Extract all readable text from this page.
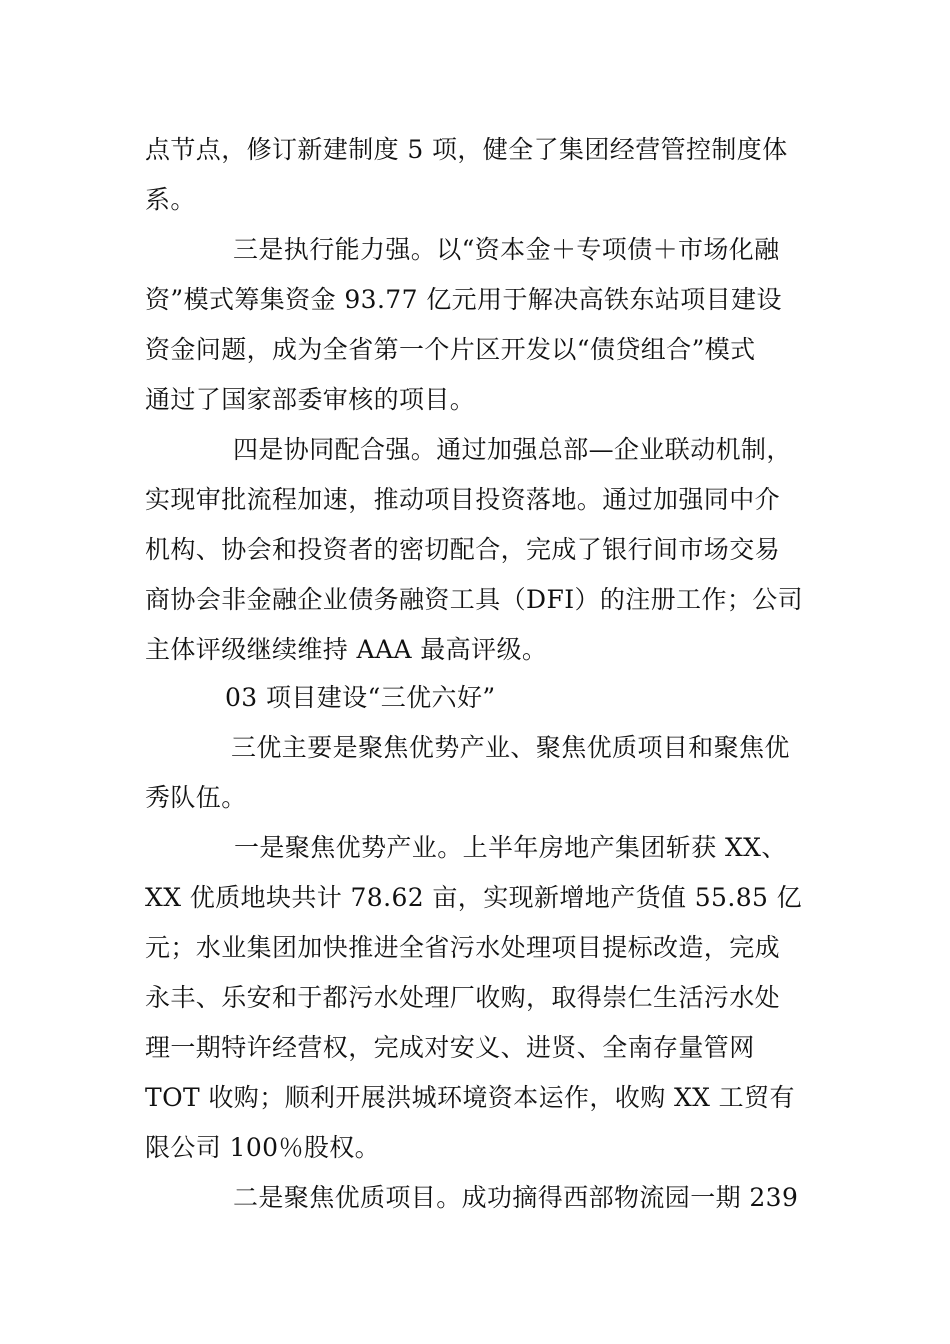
点节点，修订新建制度 5 项，健全了集团经营管控制度体
系。
三是执行能力强。以“资本金＋专项债＋市场化融
资”模式筹集资金 93.77 亿元用于解决高铁东站项目建设
资金问题，成为全省第一个片区开发以“债贷组合”模式
通过了国家部委审核的项目。
四是协同配合强。通过加强总部—企业联动机制，
实现审批流程加速，推动项目投资落地。通过加强同中介
机构、协会和投资者的密切配合，完成了银行间市场交易
商协会非金融企业债务融资工具（DFI）的注册工作；公司
主体评级继续维持 AAA 最高评级。
03 项目建设“三优六好”
三优主要是聚焦优势产业、聚焦优质项目和聚焦优
秀队伍。
一是聚焦优势产业。上半年房地产集团斩获 XX、
XX 优质地块共计 78.62 亩，实现新增地产货值 55.85 亿
元；水业集团加快推进全省污水处理项目提标改造，完成
永丰、乐安和于都污水处理厂收购，取得崇仁生活污水处
理一期特许经营权，完成对安义、进贤、全南存量管网
TOT 收购；顺利开展洪城环境资本运作，收购 XX 工贸有
限公司 100％股权。
二是聚焦优质项目。成功摘得西部物流园一期 239
